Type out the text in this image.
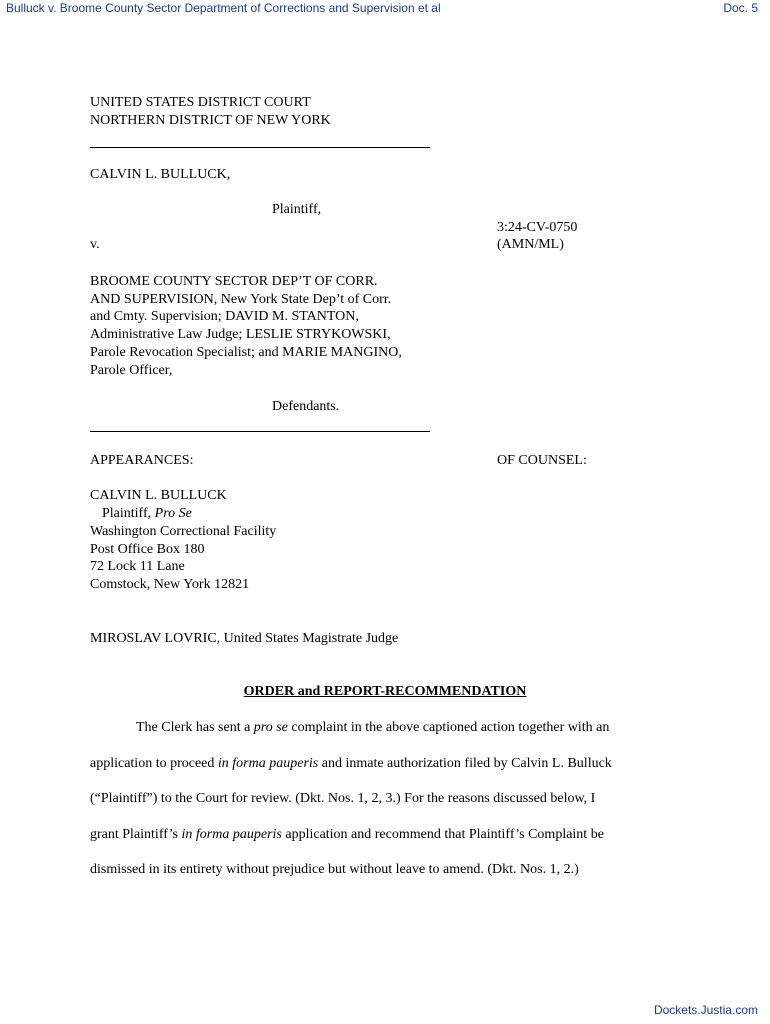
Bulluck v. Broome County Sector Department of Corrections and Supervision et al	Doc. 5
UNITED STATES DISTRICT COURT
NORTHERN DISTRICT OF NEW YORK
CALVIN L. BULLUCK,
Plaintiff,
3:24-CV-0750
v.	(AMN/ML)
BROOME COUNTY SECTOR DEP’T OF CORR.
AND SUPERVISION, New York State Dep’t of Corr.
and Cmty. Supervision; DAVID M. STANTON,
Administrative Law Judge; LESLIE STRYKOWSKI,
Parole Revocation Specialist; and MARIE MANGINO,
Parole Officer,
Defendants.
APPEARANCES:	OF COUNSEL:
CALVIN L. BULLUCK
Plaintiff, Pro Se
Washington Correctional Facility
Post Office Box 180
72 Lock 11 Lane
Comstock, New York 12821
MIROSLAV LOVRIC, United States Magistrate Judge
ORDER and REPORT-RECOMMENDATION
The Clerk has sent a pro se complaint in the above captioned action together with an
application to proceed in forma pauperis and inmate authorization filed by Calvin L. Bulluck
(“Plaintiff”) to the Court for review. (Dkt. Nos. 1, 2, 3.) For the reasons discussed below, I
grant Plaintiff’s in forma pauperis application and recommend that Plaintiff’s Complaint be
dismissed in its entirety without prejudice but without leave to amend. (Dkt. Nos. 1, 2.)
Dockets.Justia.com
